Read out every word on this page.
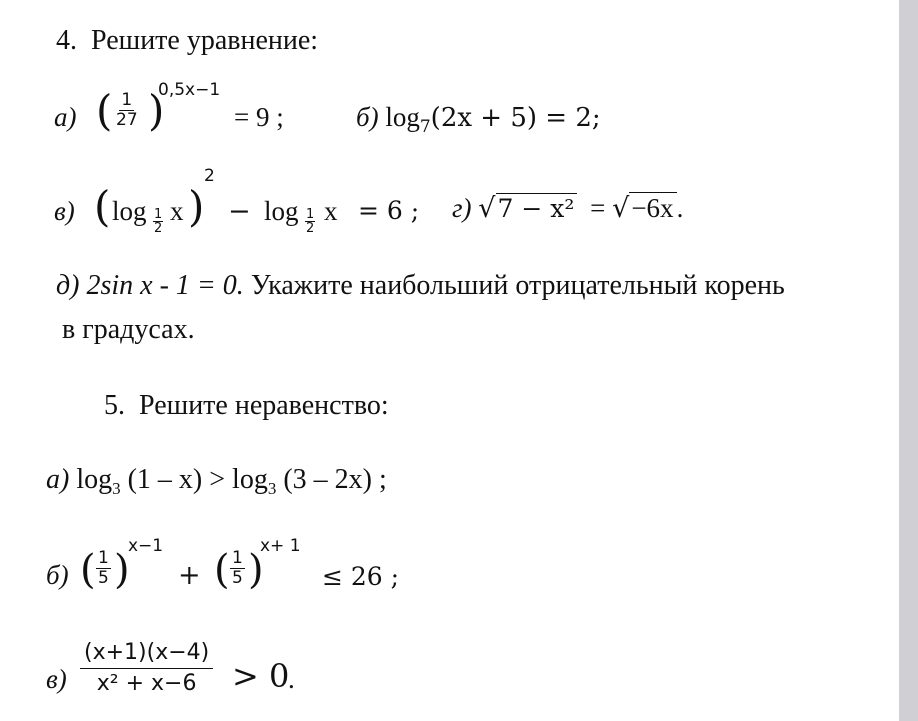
4. Решите уравнение:
а) ( $\frac{1}{27}$ )
0,5x−1
= 9 ;	б) $\log_7(2x + 5) = 2$;
в) ( $\log \frac{1}{2}$ x )
2
− $\log \frac{1}{2}$ x = 6 ; г) √7 − x² = √−6x .
д) 2sin x - 1 = 0. Укажите наибольший отрицательный корень
в градусах.
5. Решите неравенство:
а) $\log_3 (1 - x) > \log_3 (3 - 2x)$ ;
б) ( $\frac{1}{5}$ )
x−1
+ ( $\frac{1}{5}$ )
x+ 1
≤ 26 ;
$в) \frac{(x+1)(x-4)}{\text{x² + x−6}} > 0$
.
